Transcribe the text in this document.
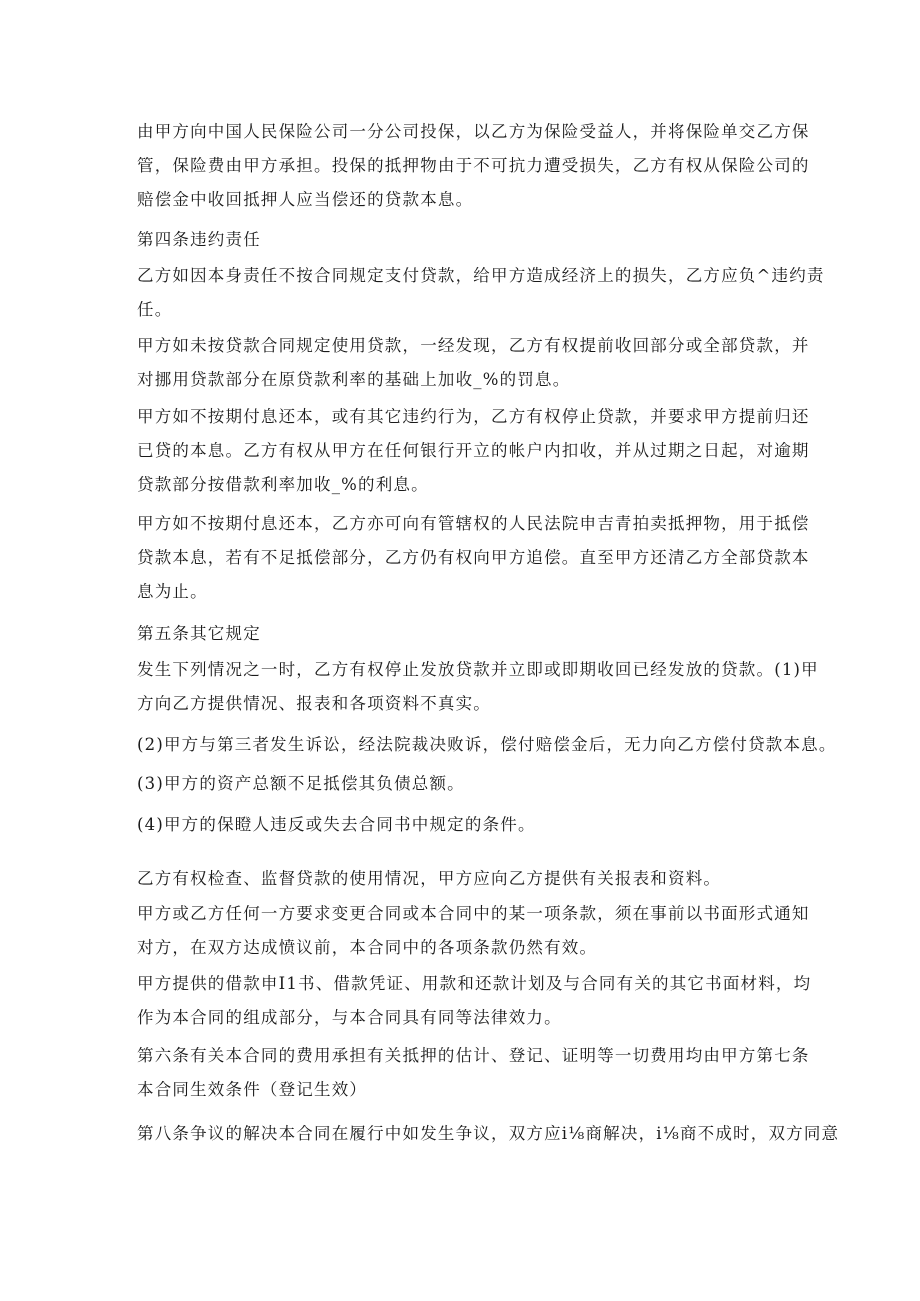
由甲方向中国人民保险公司一分公司投保，以乙方为保险受益人，并将保险单交乙方保
管，保险费由甲方承担。投保的抵押物由于不可抗力遭受损失，乙方有权从保险公司的
赔偿金中收回抵押人应当偿还的贷款本息。

第四条违约责任

乙方如因本身责任不按合同规定支付贷款，给甲方造成经济上的损失，乙方应负^违约责
任。

甲方如未按贷款合同规定使用贷款，一经发现，乙方有权提前收回部分或全部贷款，并
对挪用贷款部分在原贷款利率的基础上加收_%的罚息。

甲方如不按期付息还本，或有其它违约行为，乙方有权停止贷款，并要求甲方提前归还
已贷的本息。乙方有权从甲方在任何银行开立的帐户内扣收，并从过期之日起，对逾期
贷款部分按借款利率加收_%的利息。

甲方如不按期付息还本，乙方亦可向有管辖权的人民法院申吉青拍卖抵押物，用于抵偿
贷款本息，若有不足抵偿部分，乙方仍有权向甲方追偿。直至甲方还清乙方全部贷款本
息为止。

第五条其它规定

发生下列情况之一时，乙方有权停止发放贷款并立即或即期收回已经发放的贷款。(1)甲
方向乙方提供情况、报表和各项资料不真实。

(2)甲方与第三者发生诉讼，经法院裁决败诉，偿付赔偿金后，无力向乙方偿付贷款本息。

(3)甲方的资产总额不足抵偿其负债总额。

(4)甲方的保瞪人违反或失去合同书中规定的条件。

乙方有权检查、监督贷款的使用情况，甲方应向乙方提供有关报表和资料。

甲方或乙方任何一方要求变更合同或本合同中的某一项条款，须在事前以书面形式通知
对方，在双方达成愤议前，本合同中的各项条款仍然有效。

甲方提供的借款申I1书、借款凭证、用款和还款计划及与合同有关的其它书面材料，均
作为本合同的组成部分，与本合同具有同等法律效力。

第六条有关本合同的费用承担有关抵押的估计、登记、证明等一切费用均由甲方第七条
本合同生效条件（登记生效）

第八条争议的解决本合同在履行中如发生争议，双方应i⅛商解决，i⅛商不成时，双方同意
